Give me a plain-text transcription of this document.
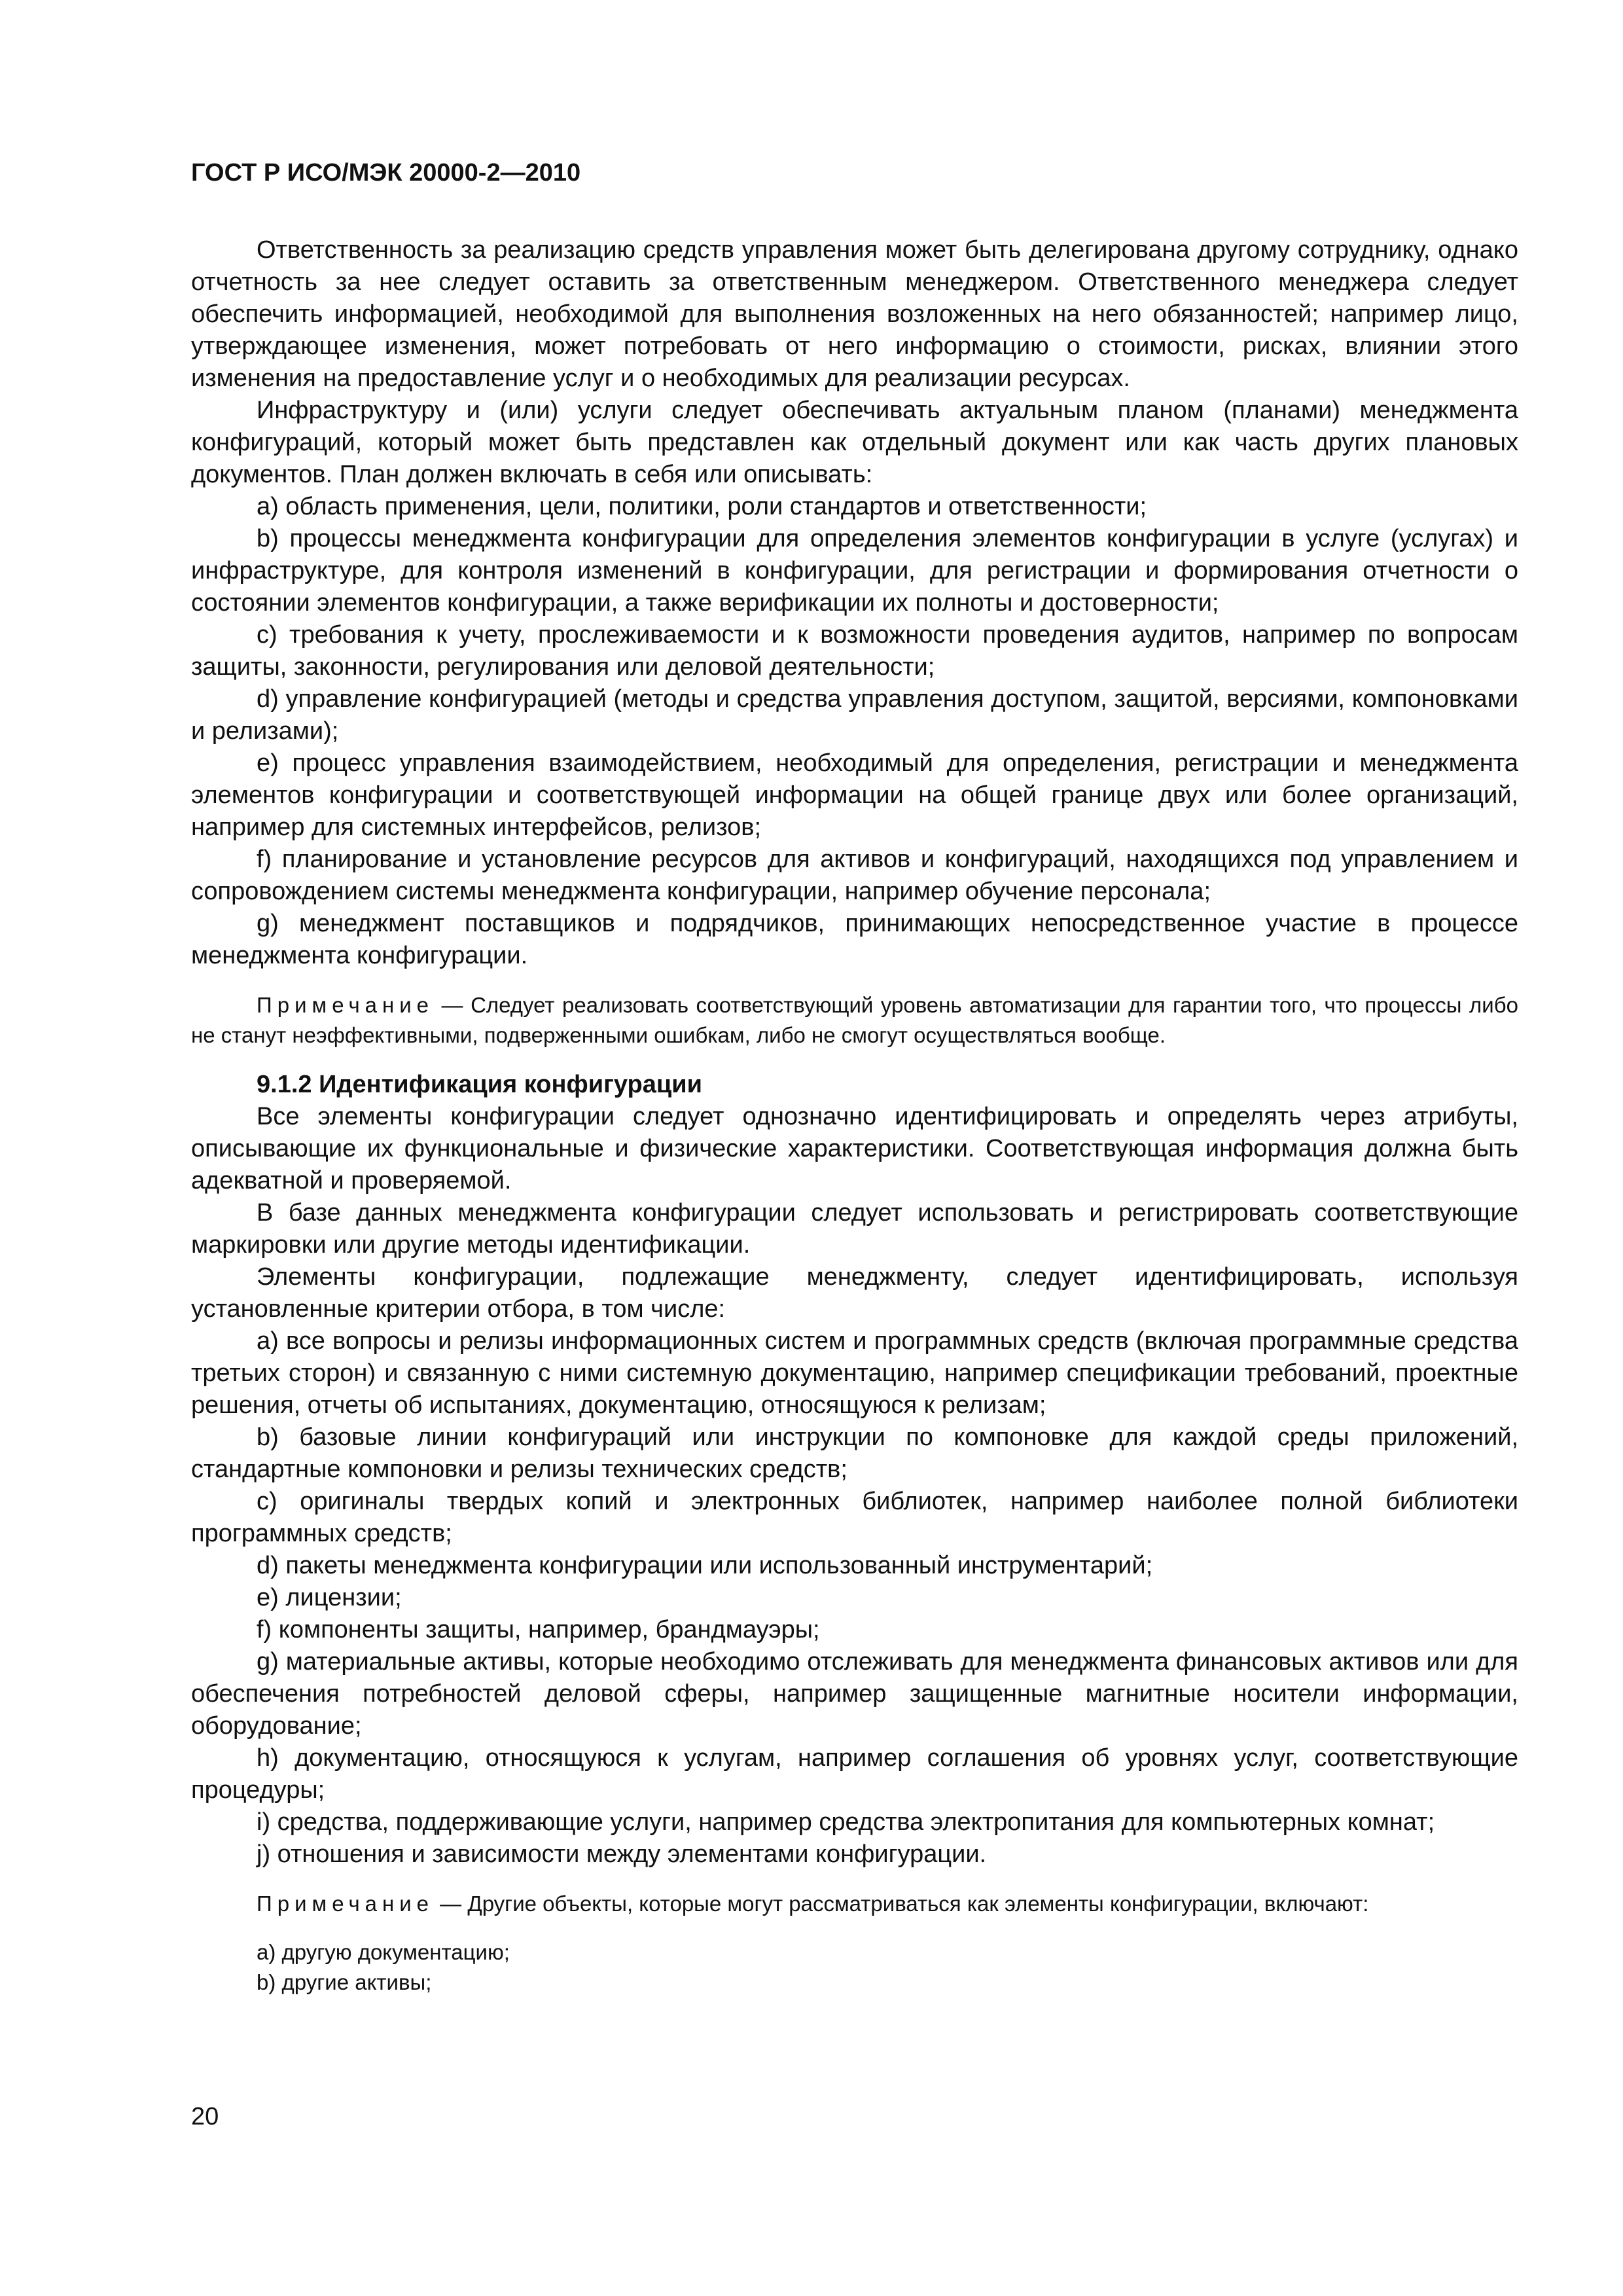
ГОСТ Р ИСО/МЭК 20000-2—2010

Ответственность за реализацию средств управления может быть делегирована другому сотруднику, однако отчетность за нее следует оставить за ответственным менеджером. Ответственного менеджера следует обеспечить информацией, необходимой для выполнения возложенных на него обязанностей; например лицо, утверждающее изменения, может потребовать от него информацию о стоимости, рисках, влиянии этого изменения на предоставление услуг и о необходимых для реализации ресурсах.

Инфраструктуру и (или) услуги следует обеспечивать актуальным планом (планами) менеджмента конфигураций, который может быть представлен как отдельный документ или как часть других плановых документов. План должен включать в себя или описывать:

a) область применения, цели, политики, роли стандартов и ответственности;

b) процессы менеджмента конфигурации для определения элементов конфигурации в услуге (услугах) и инфраструктуре, для контроля изменений в конфигурации, для регистрации и формирования отчетности о состоянии элементов конфигурации, а также верификации их полноты и достоверности;

c) требования к учету, прослеживаемости и к возможности проведения аудитов, например по вопросам защиты, законности, регулирования или деловой деятельности;

d) управление конфигурацией (методы и средства управления доступом, защитой, версиями, компоновками и релизами);

e) процесс управления взаимодействием, необходимый для определения, регистрации и менеджмента элементов конфигурации и соответствующей информации на общей границе двух или более организаций, например для системных интерфейсов, релизов;

f) планирование и установление ресурсов для активов и конфигураций, находящихся под управлением и сопровождением системы менеджмента конфигурации, например обучение персонала;

g) менеджмент поставщиков и подрядчиков, принимающих непосредственное участие в процессе менеджмента конфигурации.

Примечание — Следует реализовать соответствующий уровень автоматизации для гарантии того, что процессы либо не станут неэффективными, подверженными ошибкам, либо не смогут осуществляться вообще.

9.1.2 Идентификация конфигурации

Все элементы конфигурации следует однозначно идентифицировать и определять через атрибуты, описывающие их функциональные и физические характеристики. Соответствующая информация должна быть адекватной и проверяемой.

В базе данных менеджмента конфигурации следует использовать и регистрировать соответствующие маркировки или другие методы идентификации.

Элементы конфигурации, подлежащие менеджменту, следует идентифицировать, используя установленные критерии отбора, в том числе:

a) все вопросы и релизы информационных систем и программных средств (включая программные средства третьих сторон) и связанную с ними системную документацию, например спецификации требований, проектные решения, отчеты об испытаниях, документацию, относящуюся к релизам;

b) базовые линии конфигураций или инструкции по компоновке для каждой среды приложений, стандартные компоновки и релизы технических средств;

c) оригиналы твердых копий и электронных библиотек, например наиболее полной библиотеки программных средств;

d) пакеты менеджмента конфигурации или использованный инструментарий;

e) лицензии;

f) компоненты защиты, например, брандмауэры;

g) материальные активы, которые необходимо отслеживать для менеджмента финансовых активов или для обеспечения потребностей деловой сферы, например защищенные магнитные носители информации, оборудование;

h) документацию, относящуюся к услугам, например соглашения об уровнях услуг, соответствующие процедуры;

i) средства, поддерживающие услуги, например средства электропитания для компьютерных комнат;

j) отношения и зависимости между элементами конфигурации.

Примечание — Другие объекты, которые могут рассматриваться как элементы конфигурации, включают:

a) другую документацию;

b) другие активы;

20
